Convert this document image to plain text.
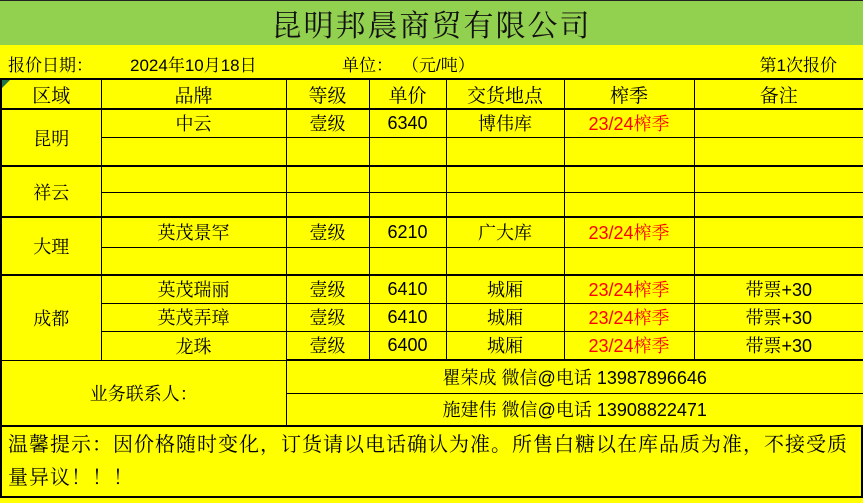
昆明邦晨商贸有限公司
报价日期： 2024年10月18日	单位： （元/吨）	第1次报价
区域	品牌	等级	单价	交货地点	榨季	备注
昆明	中云	壹级	6340	博伟库	23/24榨季	

祥云						

大理	英茂景罕	壹级	6210	广大库	23/24榨季	

成都	英茂瑞丽	壹级	6410	城厢	23/24榨季	带票+30
	英茂弄璋	壹级	6410	城厢	23/24榨季	带票+30
	龙珠	壹级	6400	城厢	23/24榨季	带票+30
业务联系人：		瞿荣成 微信@电话 13987896646				
		施建伟 微信@电话 13908822471				
温馨提示：因价格随时变化，订货请以电话确认为准。所售白糖以在库品质为准，不接受质量异议！！！
